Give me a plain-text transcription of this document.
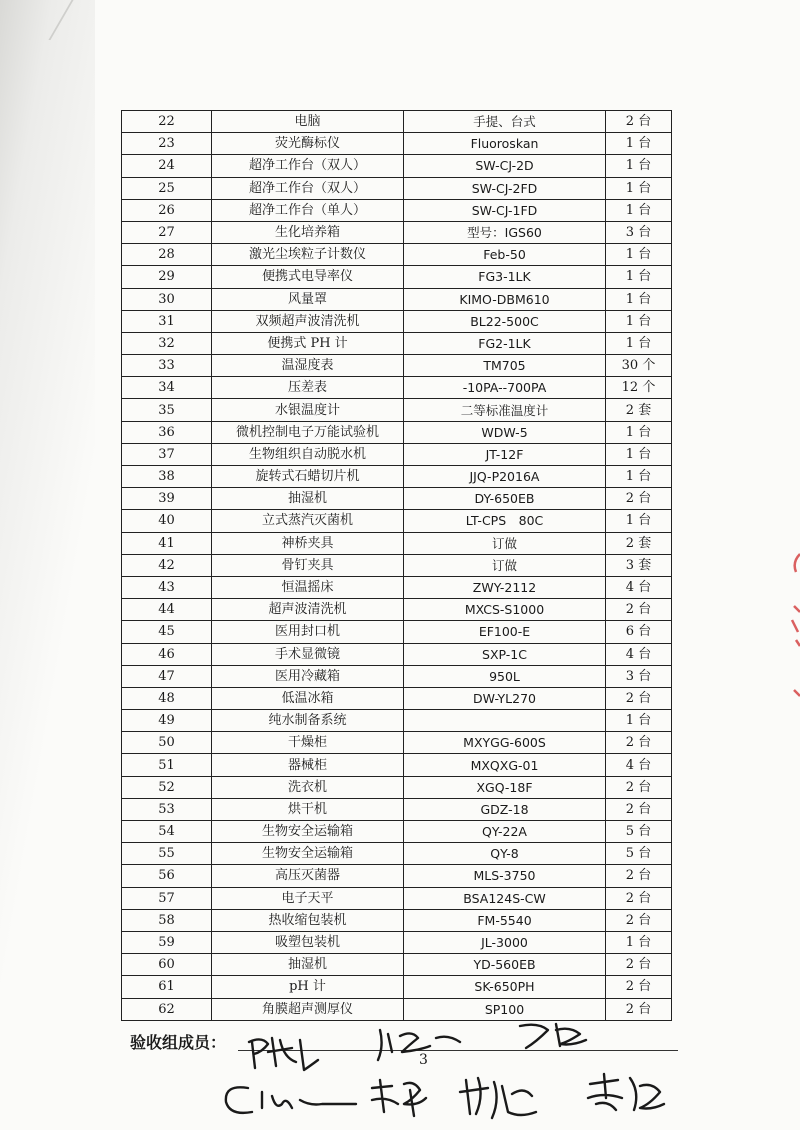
22	电脑	手提、台式	2 台
23	荧光酶标仪	Fluoroskan	1 台
24	超净工作台（双人）	SW-CJ-2D	1 台
25	超净工作台（双人）	SW-CJ-2FD	1 台
26	超净工作台（单人）	SW-CJ-1FD	1 台
27	生化培养箱	型号：IGS60	3 台
28	激光尘埃粒子计数仪	Feb-50	1 台
29	便携式电导率仪	FG3-1LK	1 台
30	风量罩	KIMO-DBM610	1 台
31	双频超声波清洗机	BL22-500C	1 台
32	便携式 PH 计	FG2-1LK	1 台
33	温湿度表	TM705	30 个
34	压差表	-10PA--700PA	12 个
35	水银温度计	二等标准温度计	2 套
36	微机控制电子万能试验机	WDW-5	1 台
37	生物组织自动脱水机	JT-12F	1 台
38	旋转式石蜡切片机	JJQ-P2016A	1 台
39	抽湿机	DY-650EB	2 台
40	立式蒸汽灭菌机	LT-CPS　80C	1 台
41	神桥夹具	订做	2 套
42	骨钉夹具	订做	3 套
43	恒温摇床	ZWY-2112	4 台
44	超声波清洗机	MXCS-S1000	2 台
45	医用封口机	EF100-E	6 台
46	手术显微镜	SXP-1C	4 台
47	医用冷藏箱	950L	3 台
48	低温冰箱	DW-YL270	2 台
49	纯水制备系统		1 台
50	干燥柜	MXYGG-600S	2 台
51	器械柜	MXQXG-01	4 台
52	洗衣机	XGQ-18F	2 台
53	烘干机	GDZ-18	2 台
54	生物安全运输箱	QY-22A	5 台
55	生物安全运输箱	QY-8	5 台
56	高压灭菌器	MLS-3750	2 台
57	电子天平	BSA124S-CW	2 台
58	热收缩包装机	FM-5540	2 台
59	吸塑包装机	JL-3000	1 台
60	抽湿机	YD-560EB	2 台
61	pH 计	SK-650PH	2 台
62	角膜超声测厚仪	SP100	2 台
验收组成员：
3
